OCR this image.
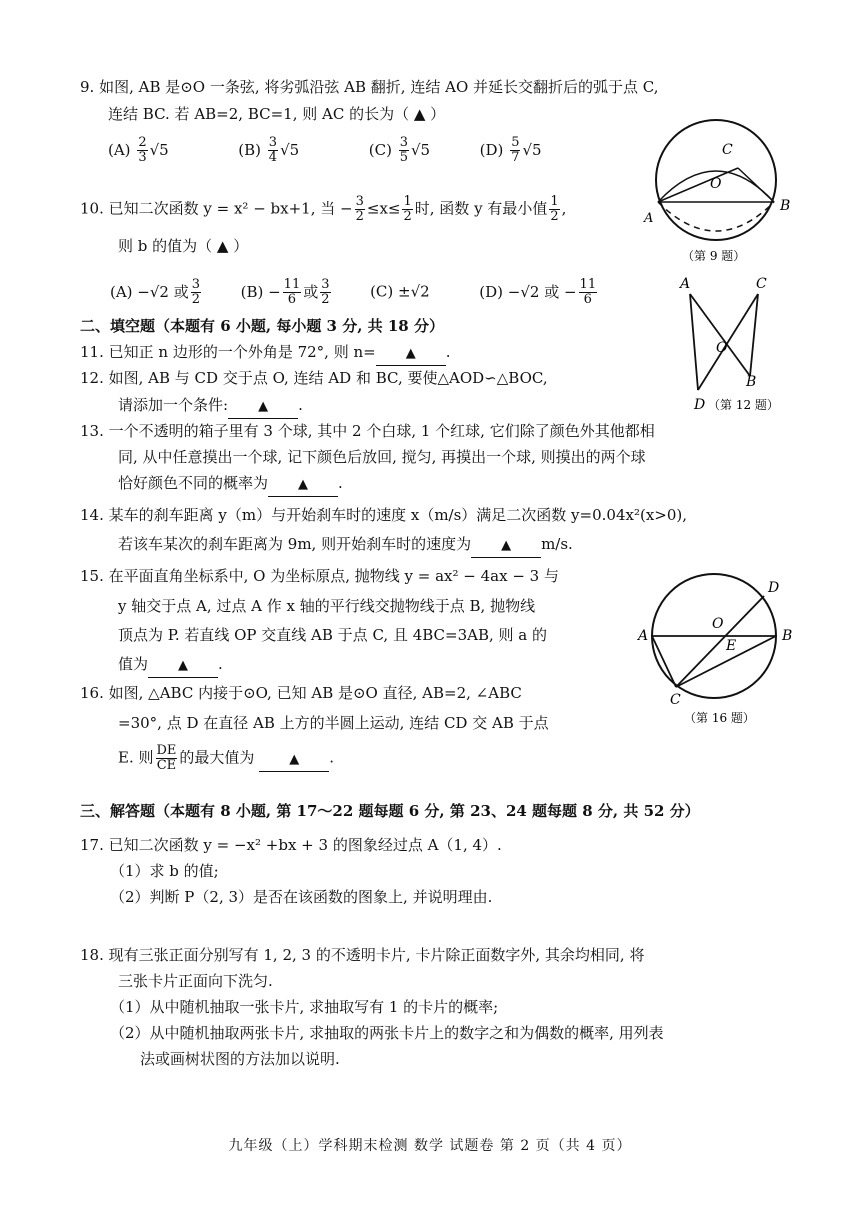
9. 如图, AB 是⊙O 一条弦, 将劣弧沿弦 AB 翻折, 连结 AO 并延长交翻折后的弧于点 C,
连结 BC. 若 AB=2, BC=1, 则 AC 的长为（ ▲ ）
$(A) \frac{2}{3} √5$	$(B) \frac{3}{4} √5$	$(C) \frac{3}{5} √5$	$(D) \frac{5}{7} √5$	C
O
A
B
（第 9 题）
10. 已知二次函数 y = x² − bx+1, 当 − $\frac{3}{2} \le x\le \frac{1}{2}$ 时, 函数 y 有最小值 $\frac{1}{2}$ ,
则 b 的值为（ ▲ ）
(A) −√2 或 $\frac{3}{2}$	$(B) - \frac{11}{6}$ 或 $\frac{3}{2}$	(C) ±√2	(D) −√2 或 − $\frac{11}{6}$	A	C
O
B
D （第 12 题）
二、填空题（本题有 6 小题, 每小题 3 分, 共 18 分）
11. 已知正 n 边形的一个外角是 72°, 则 n= ▲ .
12. 如图, AB 与 CD 交于点 O, 连结 AD 和 BC, 要使△AOD∽△BOC,
请添加一个条件: ▲ .
13. 一个不透明的箱子里有 3 个球, 其中 2 个白球, 1 个红球, 它们除了颜色外其他都相
同, 从中任意摸出一个球, 记下颜色后放回, 搅匀, 再摸出一个球, 则摸出的两个球
恰好颜色不同的概率为 ▲ .
14. 某车的刹车距离 y（m）与开始刹车时的速度 x（m/s）满足二次函数 y=0.04x²(x>0),
若该车某次的刹车距离为 9m, 则开始刹车时的速度为 ▲ m/s.
15. 在平面直角坐标系中, O 为坐标原点, 抛物线 y = ax² − 4ax − 3 与
y 轴交于点 A, 过点 A 作 x 轴的平行线交抛物线于点 B, 抛物线
顶点为 P. 若直线 OP 交直线 AB 于点 C, 且 4BC=3AB, 则 a 的
值为 ▲ .
D
O
A
E
B
C
（第 16 题）
16. 如图, △ABC 内接于⊙O, 已知 AB 是⊙O 直径, AB=2, ∠ABC
=30°, 点 D 在直径 AB 上方的半圆上运动, 连结 CD 交 AB 于点
E. 则 $\frac{DE}{CE}$ 的最大值为	▲ .
三、解答题（本题有 8 小题, 第 17～22 题每题 6 分, 第 23、24 题每题 8 分, 共 52 分）
17. 已知二次函数 y = −x² +bx + 3 的图象经过点 A（1, 4）.
（1）求 b 的值;
（2）判断 P（2, 3）是否在该函数的图象上, 并说明理由.
18. 现有三张正面分别写有 1, 2, 3 的不透明卡片, 卡片除正面数字外, 其余均相同, 将
三张卡片正面向下洗匀.
（1）从中随机抽取一张卡片, 求抽取写有 1 的卡片的概率;
（2）从中随机抽取两张卡片, 求抽取的两张卡片上的数字之和为偶数的概率, 用列表
法或画树状图的方法加以说明.
九年级（上）学科期末检测 数学 试题卷 第 2 页（共 4 页）
